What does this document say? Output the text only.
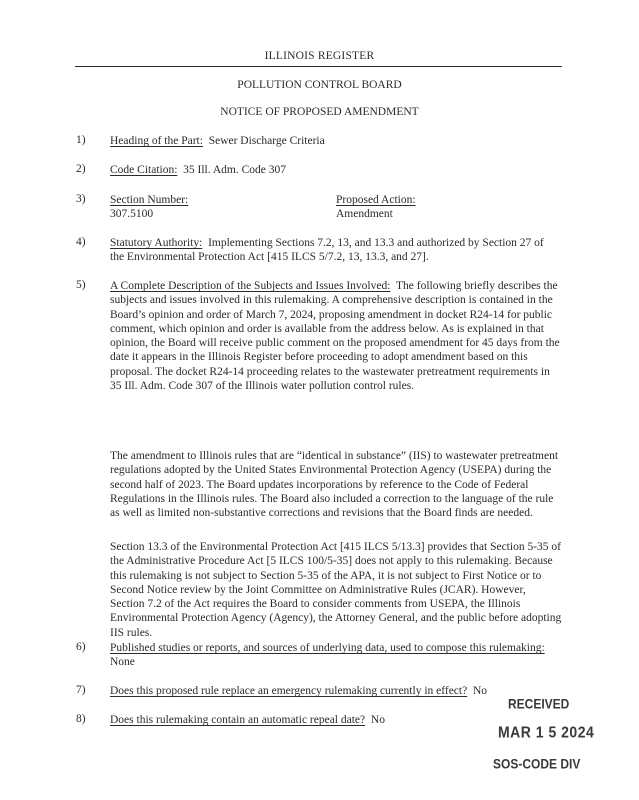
ILLINOIS REGISTER
POLLUTION CONTROL BOARD
NOTICE OF PROPOSED AMENDMENT
1) Heading of the Part: Sewer Discharge Criteria
2) Code Citation: 35 Ill. Adm. Code 307
3) Section Number:
307.5100
Proposed Action:
Amendment
4) Statutory Authority: Implementing Sections 7.2, 13, and 13.3 and authorized by Section 27 of the Environmental Protection Act [415 ILCS 5/7.2, 13, 13.3, and 27].
5) A Complete Description of the Subjects and Issues Involved: The following briefly describes the subjects and issues involved in this rulemaking. A comprehensive description is contained in the Board’s opinion and order of March 7, 2024, proposing amendment in docket R24-14 for public comment, which opinion and order is available from the address below. As is explained in that opinion, the Board will receive public comment on the proposed amendment for 45 days from the date it appears in the Illinois Register before proceeding to adopt amendment based on this proposal. The docket R24-14 proceeding relates to the wastewater pretreatment requirements in 35 Ill. Adm. Code 307 of the Illinois water pollution control rules.
The amendment to Illinois rules that are “identical in substance” (IIS) to wastewater pretreatment regulations adopted by the United States Environmental Protection Agency (USEPA) during the second half of 2023. The Board updates incorporations by reference to the Code of Federal Regulations in the Illinois rules. The Board also included a correction to the language of the rule as well as limited non-substantive corrections and revisions that the Board finds are needed.
Section 13.3 of the Environmental Protection Act [415 ILCS 5/13.3] provides that Section 5-35 of the Administrative Procedure Act [5 ILCS 100/5-35] does not apply to this rulemaking. Because this rulemaking is not subject to Section 5-35 of the APA, it is not subject to First Notice or to Second Notice review by the Joint Committee on Administrative Rules (JCAR). However, Section 7.2 of the Act requires the Board to consider comments from USEPA, the Illinois Environmental Protection Agency (Agency), the Attorney General, and the public before adopting IIS rules.
6) Published studies or reports, and sources of underlying data, used to compose this rulemaking:  None
7) Does this proposed rule replace an emergency rulemaking currently in effect? No
8) Does this rulemaking contain an automatic repeal date? No
RECEIVED
MAR 1 5 2024
SOS-CODE DIV
